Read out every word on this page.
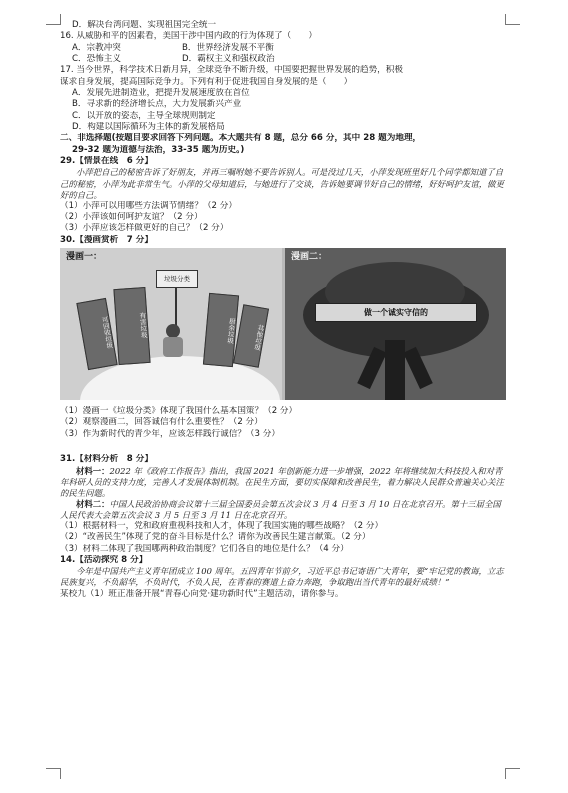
D．解决台湾问题、实现祖国完全统一
16. 从威胁和平的因素看，美国干涉中国内政的行为体现了（　　）
A．宗教冲突	B．世界经济发展不平衡
C．恐怖主义	D．霸权主义和强权政治
17. 当今世界，科学技术日新月异，全球竞争不断升级，中国要把握世界发展的趋势，积极
谋求自身发展，提高国际竞争力。下列有利于促进我国自身发展的是（　　）
A．发展先进制造业，把提升发展速度放在首位
B．寻求新的经济增长点，大力发展新兴产业
C．以开放的姿态，主导全球规则制定
D．构建以国际循环为主体的新发展格局
二、非选择题(按题目要求回答下列问题。本大题共有 8 题，总分 66 分，其中 28 题为地理，
29-32 题为道德与法治，33-35 题为历史。)
29.【情景在线　6 分】
小萍把自己的秘密告诉了好朋友，并再三嘱咐她不要告诉别人。可是没过几天，小萍发现班里好几个同学都知道了自己的秘密，小萍为此非常生气。小萍的父母知道后，与她进行了交谈，告诉她要调节好自己的情绪，好好呵护友谊，做更好的自己。
（1）小萍可以用哪些方法调节情绪？（2 分）
（2）小萍该如何呵护友谊？（2 分）
（3）小萍应该怎样做更好的自己？（2 分）
30.【漫画赏析　7 分】
漫画一：
可回收垃圾	有害垃圾	厨余垃圾	其他垃圾
垃圾分类
漫画二：
做一个诚实守信的
（1）漫画一《垃圾分类》体现了我国什么基本国策？（2 分）
（2）观察漫画二，回答诚信有什么重要性？（2 分）
（3）作为新时代的青少年，应该怎样践行诚信？（3 分）
31.【材料分析　8 分】
材料一：2022 年《政府工作报告》指出，我国 2021 年创新能力进一步增强，2022 年将继续加大科技投入和对青年科研人员的支持力度，完善人才发展体制机制。在民生方面，要切实保障和改善民生，着力解决人民群众普遍关心关注的民生问题。
材料二：中国人民政治协商会议第十三届全国委员会第五次会议 3 月 4 日至 3 月 10 日在北京召开。第十三届全国人民代表大会第五次会议 3 月 5 日至 3 月 11 日在北京召开。
（1）根据材料一，党和政府重视科技和人才，体现了我国实施的哪些战略？（2 分）
（2）“改善民生”体现了党的奋斗目标是什么？请你为改善民生建言献策。（2 分）
（3）材料二体现了我国哪两种政治制度？它们各自的地位是什么？（4 分）
14.【活动探究 8 分】
今年是中国共产主义青年团成立 100 周年。五四青年节前夕，习近平总书记寄语广大青年，要“牢记党的教诲，立志民族复兴，不负韶华，不负时代，不负人民，在青春的赛道上奋力奔跑，争取跑出当代青年的最好成绩！”
某校九（1）班正准备开展“青春心向党·建功新时代”主题活动，请你参与。
